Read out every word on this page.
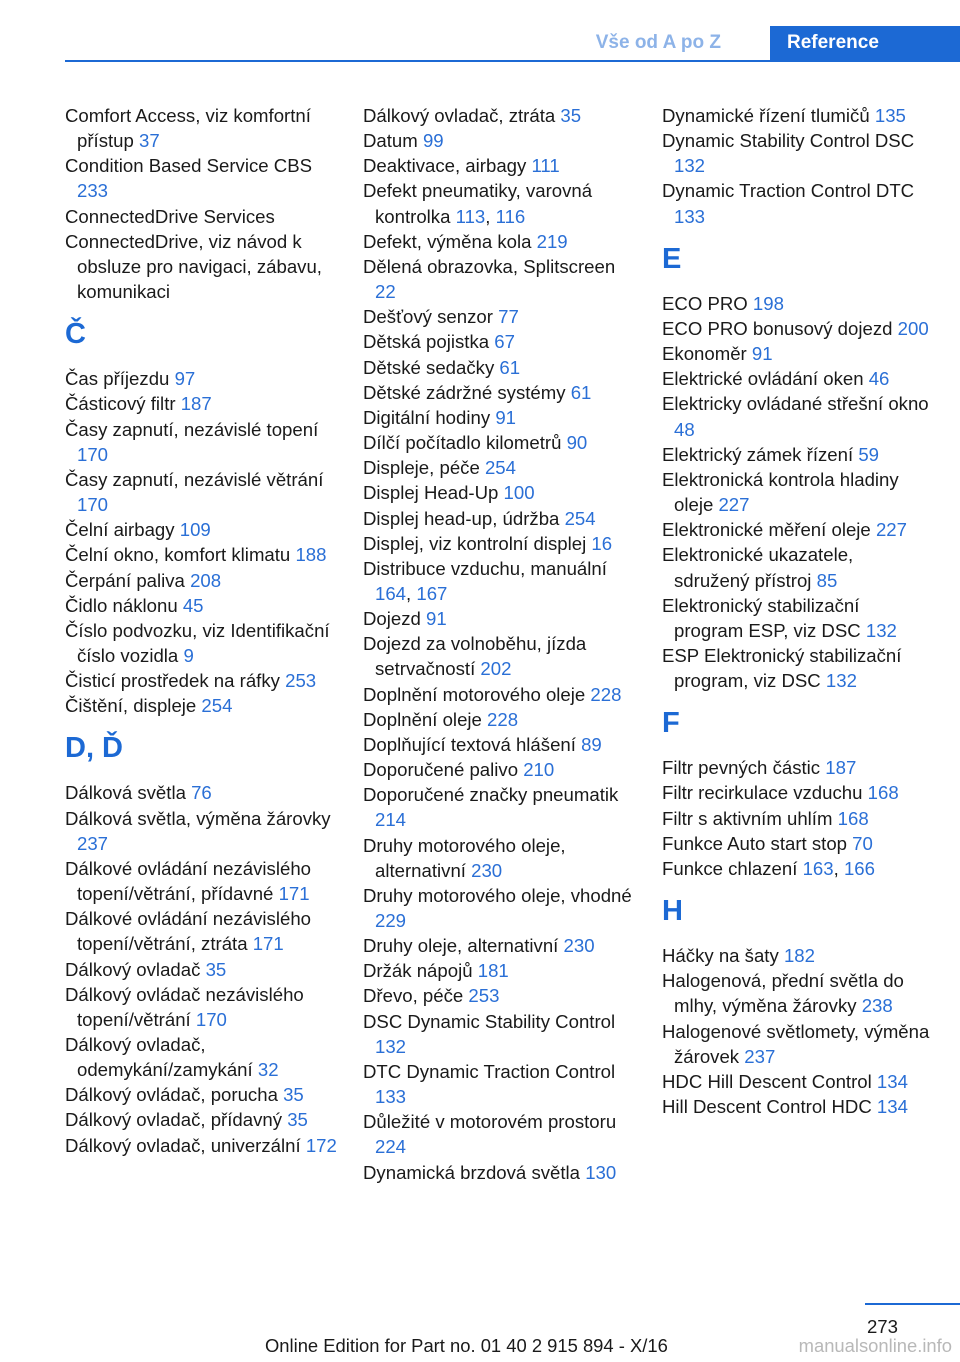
Vše od A po Z	Reference
Comfort Access, viz komfortní přístup 37
Condition Based Service CBS 233
ConnectedDrive Services
ConnectedDrive, viz návod k obsluze pro navigaci, zábavu, komunikaci
Č
Čas příjezdu 97
Částicový filtr 187
Časy zapnutí, nezávislé topení 170
Časy zapnutí, nezávislé větrání 170
Čelní airbagy 109
Čelní okno, komfort klimatu 188
Čerpání paliva 208
Čidlo náklonu 45
Číslo podvozku, viz Identifikační číslo vozidla 9
Čisticí prostředek na ráfky 253
Čištění, displeje 254
D, Ď
Dálková světla 76
Dálková světla, výměna žárovky 237
Dálkové ovládání nezávislého topení/větrání, přídavné 171
Dálkové ovládání nezávislého topení/větrání, ztráta 171
Dálkový ovladač 35
Dálkový ovládač nezávislého topení/větrání 170
Dálkový ovladač, odemykání/zamykání 32
Dálkový ovládač, porucha 35
Dálkový ovladač, přídavný 35
Dálkový ovladač, univerzální 172
Dálkový ovladač, ztráta 35
Datum 99
Deaktivace, airbagy 111
Defekt pneumatiky, varovná kontrolka 113, 116
Defekt, výměna kola 219
Dělená obrazovka, Splitscreen 22
Dešťový senzor 77
Dětská pojistka 67
Dětské sedačky 61
Dětské zádržné systémy 61
Digitální hodiny 91
Dílčí počítadlo kilometrů 90
Displeje, péče 254
Displej Head-Up 100
Displej head-up, údržba 254
Displej, viz kontrolní displej 16
Distribuce vzduchu, manuální 164, 167
Dojezd 91
Dojezd za volnoběhu, jízda setrvačností 202
Doplnění motorového oleje 228
Doplnění oleje 228
Doplňující textová hlášení 89
Doporučené palivo 210
Doporučené značky pneumatik 214
Druhy motorového oleje, alternativní 230
Druhy motorového oleje, vhodné 229
Druhy oleje, alternativní 230
Držák nápojů 181
Dřevo, péče 253
DSC Dynamic Stability Control 132
DTC Dynamic Traction Control 133
Důležité v motorovém prostoru 224
Dynamická brzdová světla 130
Dynamické řízení tlumičů 135
Dynamic Stability Control DSC 132
Dynamic Traction Control DTC 133
E
ECO PRO 198
ECO PRO bonusový dojezd 200
Ekonoměr 91
Elektrické ovládání oken 46
Elektricky ovládané střešní okno 48
Elektrický zámek řízení 59
Elektronická kontrola hladiny oleje 227
Elektronické měření oleje 227
Elektronické ukazatele, sdružený přístroj 85
Elektronický stabilizační program ESP, viz DSC 132
ESP Elektronický stabilizační program, viz DSC 132
F
Filtr pevných částic 187
Filtr recirkulace vzduchu 168
Filtr s aktivním uhlím 168
Funkce Auto start stop 70
Funkce chlazení 163, 166
H
Háčky na šaty 182
Halogenová, přední světla do mlhy, výměna žárovky 238
Halogenové světlomety, výměna žárovek 237
HDC Hill Descent Control 134
Hill Descent Control HDC 134
273
Online Edition for Part no. 01 40 2 915 894 - X/16	manualsonline.info
